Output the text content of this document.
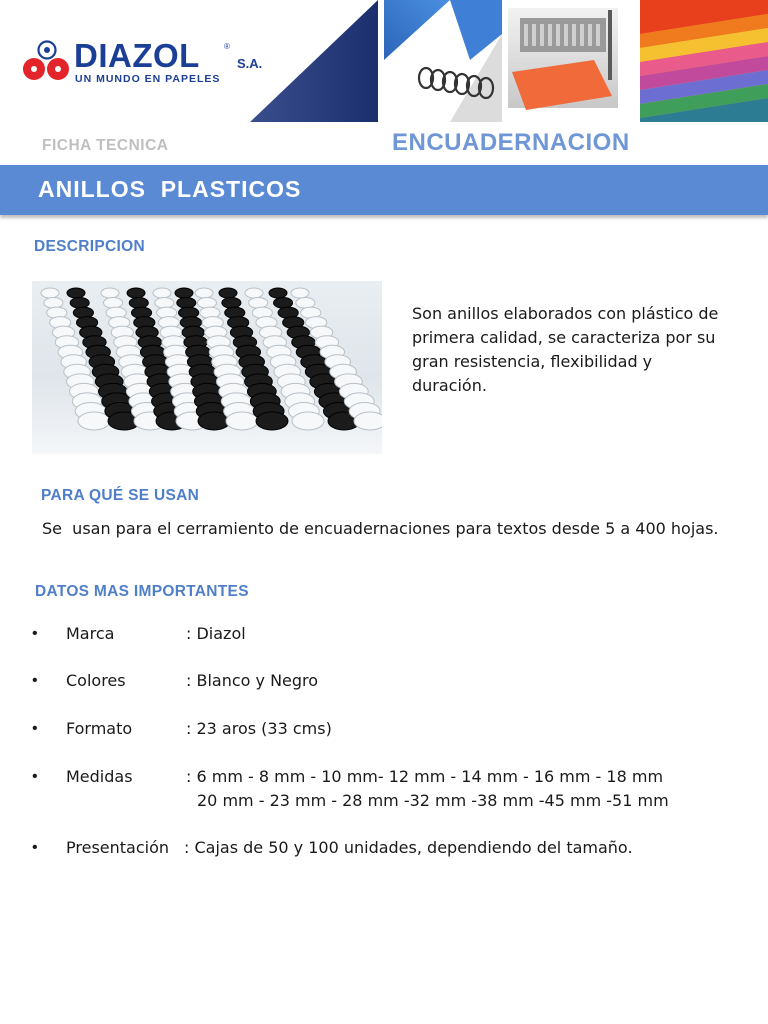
DIAZOL	®
S.A.
UN MUNDO EN PAPELES
FICHA TECNICA	ENCUADERNACION
ANILLOS  PLASTICOS
DESCRIPCION
Son anillos elaborados con plástico de
primera calidad, se caracteriza por su
gran resistencia, flexibilidad y
duración.
PARA QUÉ SE USAN
Se  usan para el cerramiento de encuadernaciones para textos desde 5 a 400 hojas.
DATOS MAS IMPORTANTES
• Marca	: Diazol
• Colores	: Blanco y Negro
• Formato	: 23 aros (33 cms)
• Medidas	: 6 mm - 8 mm - 10 mm- 12 mm - 14 mm - 16 mm - 18 mm
20 mm - 23 mm - 28 mm -32 mm -38 mm -45 mm -51 mm
• Presentación : Cajas de 50 y 100 unidades, dependiendo del tamaño.
